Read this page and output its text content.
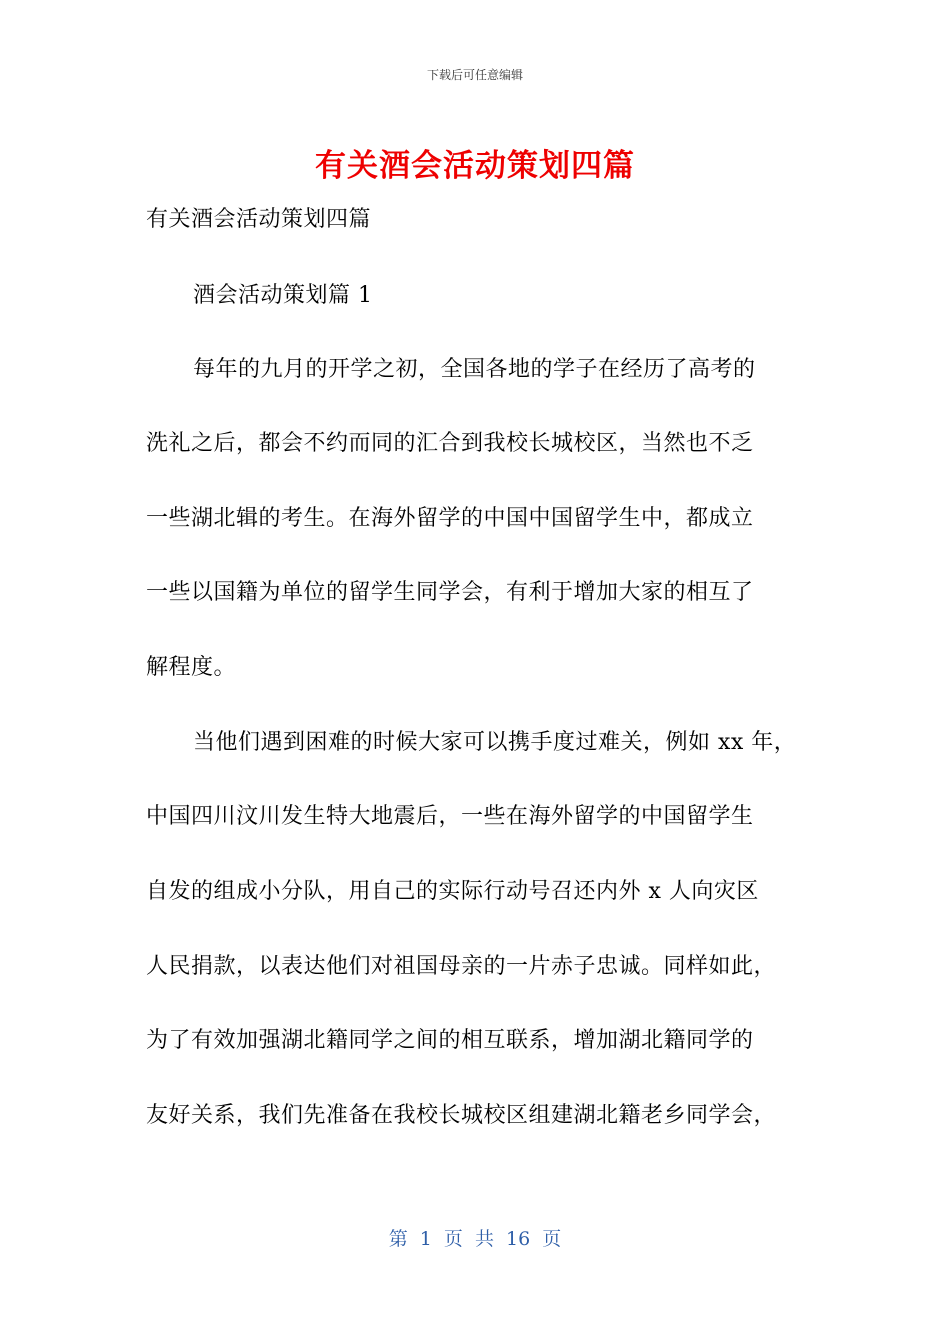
下载后可任意编辑
有关酒会活动策划四篇
有关酒会活动策划四篇
酒会活动策划篇 1
每年的九月的开学之初，全国各地的学子在经历了高考的
洗礼之后，都会不约而同的汇合到我校长城校区，当然也不乏
一些湖北辑的考生。在海外留学的中国中国留学生中，都成立
一些以国籍为单位的留学生同学会，有利于增加大家的相互了
解程度。
当他们遇到困难的时候大家可以携手度过难关，例如 xx 年，
中国四川汶川发生特大地震后，一些在海外留学的中国留学生
自发的组成小分队，用自己的实际行动号召还内外 x 人向灾区
人民捐款，以表达他们对祖国母亲的一片赤子忠诚。同样如此，
为了有效加强湖北籍同学之间的相互联系，增加湖北籍同学的
友好关系，我们先准备在我校长城校区组建湖北籍老乡同学会，
第 1 页 共 16 页
